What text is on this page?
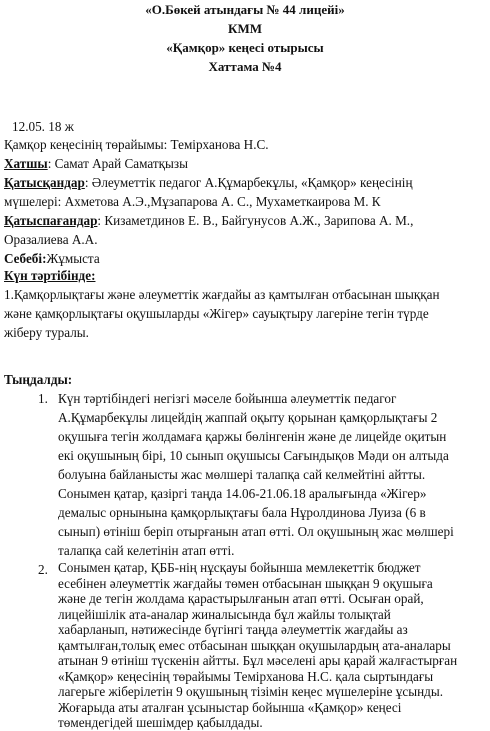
«О.Бөкей атындағы № 44 лицейі»
КММ
«Қамқор» кеңесі отырысы
Хаттама №4
12.05. 18 ж
Қамқор кеңесінің төрайымы: Темірханова Н.С.
Хатшы: Самат Арай Саматқызы
Қатысқандар: Әлеуметтік педагог А.Құмарбекұлы, «Қамқор» кеңесінің
мүшелері: Ахметова А.Э.,Мұзапарова А. С., Мухаметкаирова М. К
Қатыспағандар: Кизаметдинов Е. В., Байгунусов А.Ж., Зарипова А. М.,
Оразалиева А.А.
Себебі:Жұмыста
Күн тәртібінде:
1.Қамқорлықтағы және әлеуметтік жағдайы аз қамтылған отбасынан шыққан
және қамқорлықтағы оқушыларды «Жігер» сауықтыру лагеріне тегін түрде
жіберу туралы.
Тыңдалды:
1. Күн тәртібіндегі негізгі мәселе бойынша әлеуметтік педагог
А.Құмарбекұлы лицейдің жаппай оқыту қорынан қамқорлықтағы 2
оқушыға тегін жолдамаға қаржы бөлінгенін және де лицейде оқитын
екі оқушының бірі, 10 сынып оқушысы Сағындықов Мәди он алтыда
болуына байланысты жас мөлшері талапқа сай келмейтіні айтты.
Сонымен қатар, қазіргі таңда 14.06-21.06.18 аралығында «Жігер»
демалыс орнынына қамқорлықтағы бала Нұролдинова Луиза (6 в
сынып) өтініш беріп отырғанын атап өтті. Ол оқушының жас мөлшері
талапқа сай келетінін атап өтті.
2. Сонымен қатар, ҚББ-нің нұсқауы бойынша мемлекеттік бюджет
есебінен әлеуметтік жағдайы төмен отбасынан шыққан 9 оқушыға
және де тегін жолдама қарастырылғанын атап өтті. Осыған орай,
лицейішілік ата-аналар жиналысында бұл жайлы толықтай
хабарланып, нәтижесінде бүгінгі таңда әлеуметтік жағдайы аз
қамтылған,толық емес отбасынан шыққан оқушылардың ата-аналары
атынан 9 өтініш түскенін айтты. Бұл мәселені ары қарай жалғастырған
«Қамқор» кеңесінің төрайымы Темірханова Н.С. қала сыртындағы
лагерьге жіберілетін 9 оқушының тізімін кеңес мүшелеріне ұсынды.
Жоғарыда аты аталған ұсыныстар бойынша «Қамқор» кеңесі
төмендегідей шешімдер қабылдады.
